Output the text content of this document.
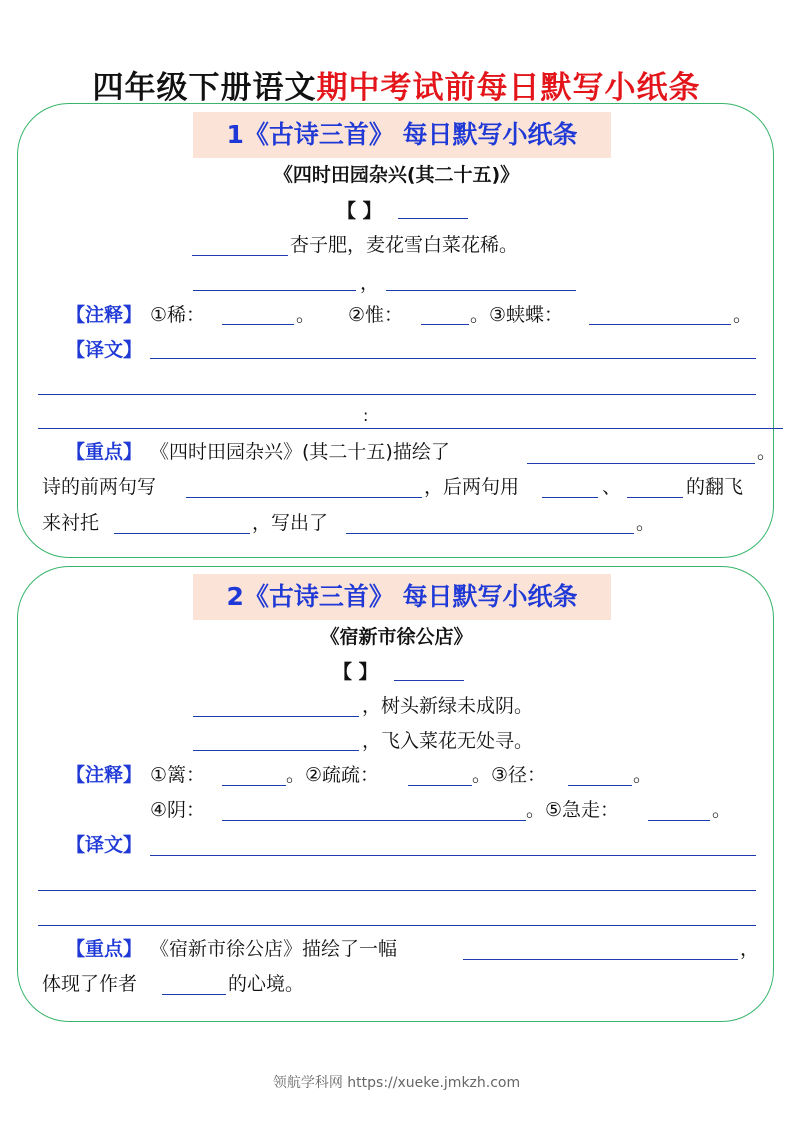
四年级下册语文期中考试前每日默写小纸条
1《古诗三首》 每日默写小纸条
《四时田园杂兴(其二十五)》
【 】
杏子肥，麦花雪白菜花稀。
，
【注释】 ①稀：	。 ②惟：	。③蛱蝶：	。
【译文】
:
【重点】 《四时田园杂兴》(其二十五)描绘了	。
诗的前两句写	，后两句用	、	的翻飞
来衬托	，写出了	。
2《古诗三首》 每日默写小纸条
《宿新市徐公店》
【 】
，树头新绿未成阴。
，飞入菜花无处寻。
【注释】 ①篱：	。②疏疏：	。③径：	。
④阴：	。⑤急走：	。
【译文】
【重点】 《宿新市徐公店》描绘了一幅	，
体现了作者	的心境。
领航学科网 https://xueke.jmkzh.com
